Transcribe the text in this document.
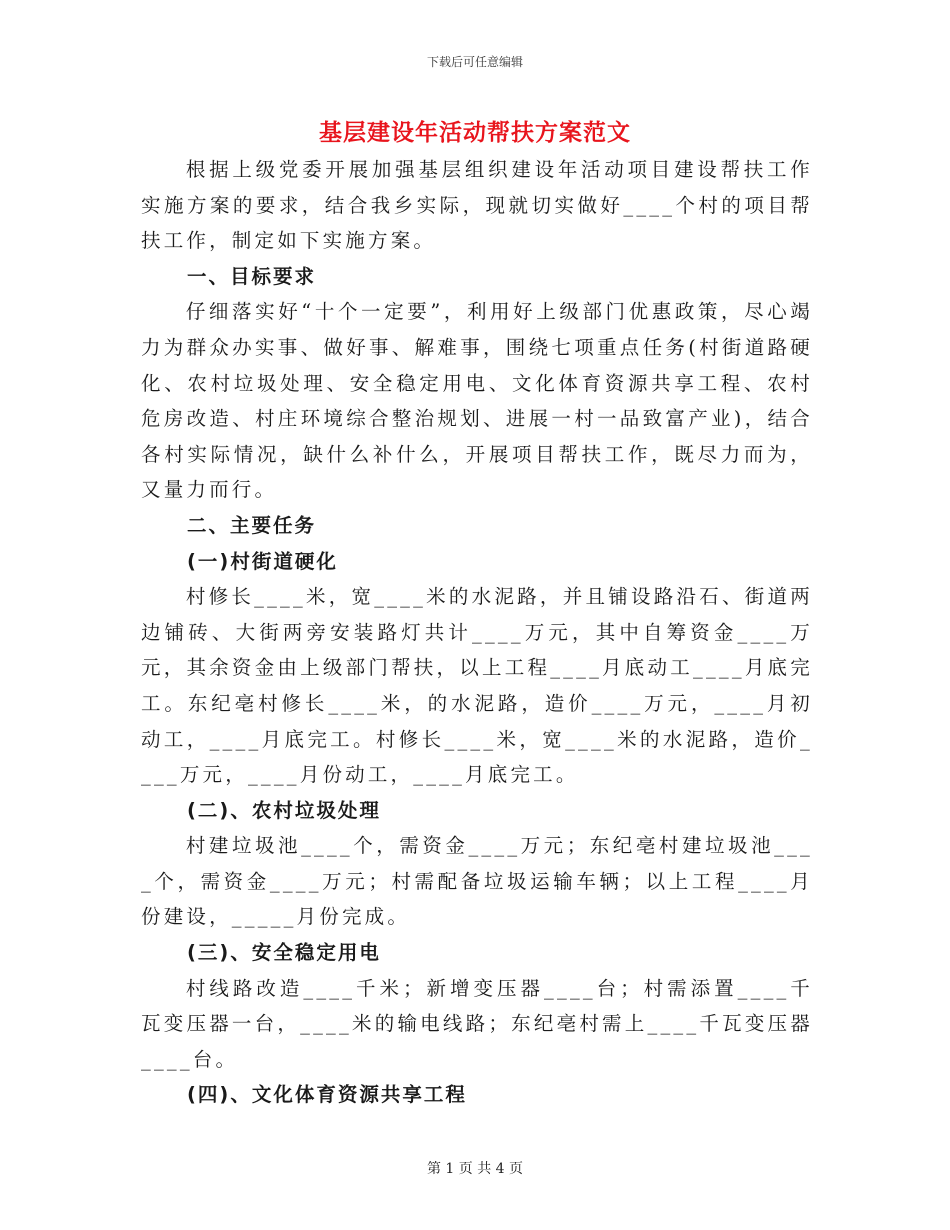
下载后可任意编辑
基层建设年活动帮扶方案范文

根据上级党委开展加强基层组织建设年活动项目建设帮扶工作实施方案的要求，结合我乡实际，现就切实做好____个村的项目帮扶工作，制定如下实施方案。

一、目标要求

仔细落实好“十个一定要”，利用好上级部门优惠政策，尽心竭力为群众办实事、做好事、解难事，围绕七项重点任务(村街道路硬化、农村垃圾处理、安全稳定用电、文化体育资源共享工程、农村危房改造、村庄环境综合整治规划、进展一村一品致富产业)，结合各村实际情况，缺什么补什么，开展项目帮扶工作，既尽力而为，又量力而行。

二、主要任务

(一)村街道硬化

村修长____米，宽____米的水泥路，并且铺设路沿石、街道两边铺砖、大街两旁安装路灯共计____万元，其中自筹资金____万元，其余资金由上级部门帮扶，以上工程____月底动工____月底完工。东纪亳村修长____米，的水泥路，造价____万元，____月初动工，____月底完工。村修长____米，宽____米的水泥路，造价____万元，____月份动工，____月底完工。

(二)、农村垃圾处理

村建垃圾池____个，需资金____万元；东纪亳村建垃圾池____个，需资金____万元；村需配备垃圾运输车辆；以上工程____月份建设，_____月份完成。

(三)、安全稳定用电

村线路改造____千米；新增变压器____台；村需添置____千瓦变压器一台，____米的输电线路；东纪亳村需上____千瓦变压器____台。

(四)、文化体育资源共享工程

第 1 页 共 4 页
